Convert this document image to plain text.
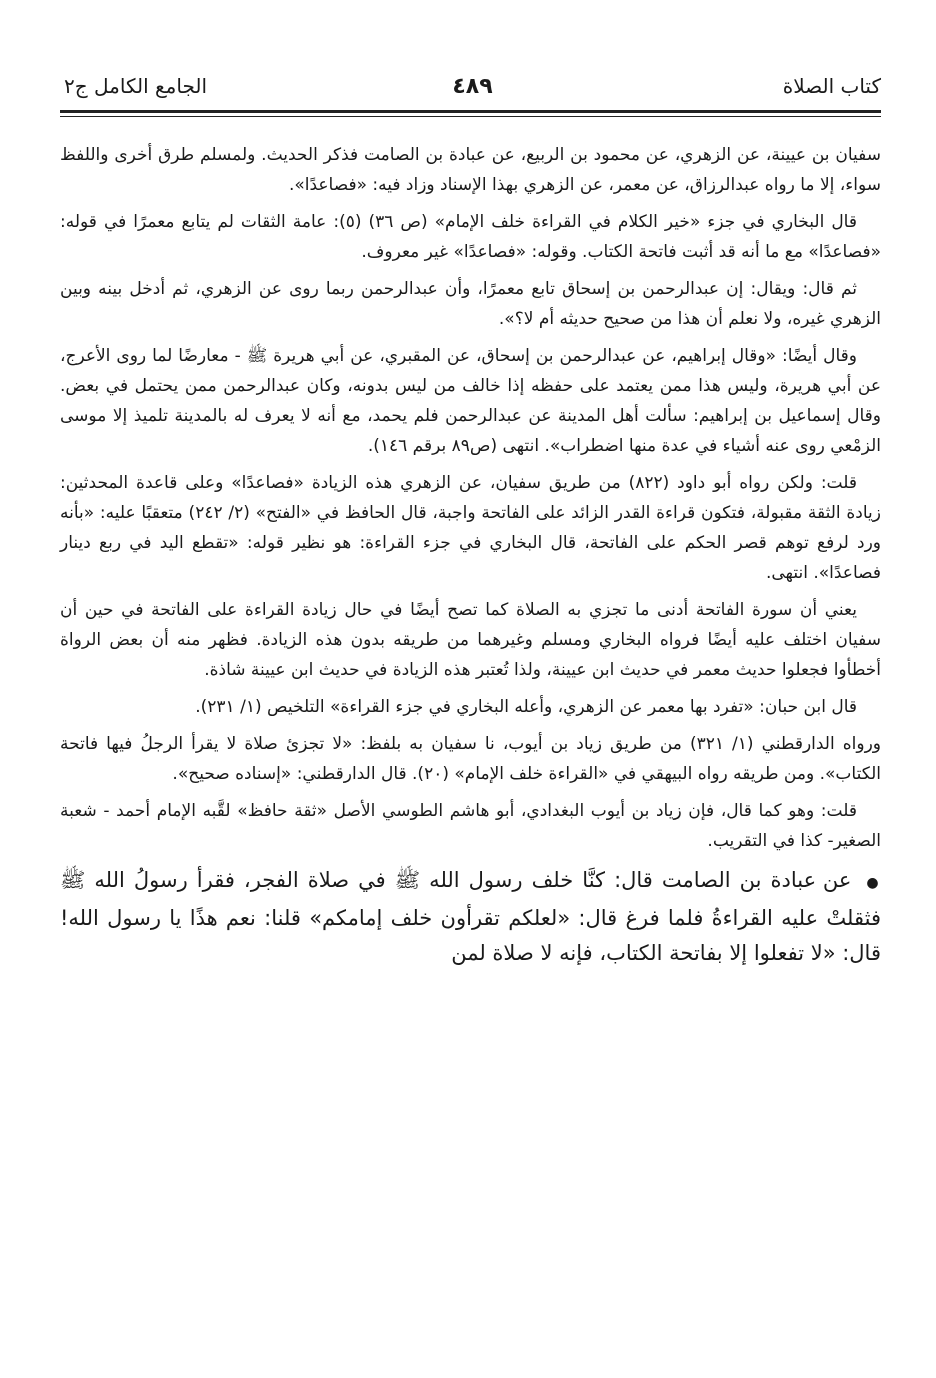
كتاب الصلاة
٤٨٩
الجامع الكامل ج٢

سفيان بن عيينة، عن الزهري، عن محمود بن الربيع، عن عبادة بن الصامت فذكر الحديث. ولمسلم طرق أخرى واللفظ سواء، إلا ما رواه عبدالرزاق، عن معمر، عن الزهري بهذا الإسناد وزاد فيه: «فصاعدًا».

قال البخاري في جزء «خير الكلام في القراءة خلف الإمام» (ص ٣٦) (٥): عامة الثقات لم يتابع معمرًا في قوله: «فصاعدًا» مع ما أنه قد أثبت فاتحة الكتاب. وقوله: «فصاعدًا» غير معروف.

ثم قال: ويقال: إن عبدالرحمن بن إسحاق تابع معمرًا، وأن عبدالرحمن ربما روى عن الزهري، ثم أدخل بينه وبين الزهري غيره، ولا نعلم أن هذا من صحيح حديثه أم لا؟».

وقال أيضًا: «وقال إبراهيم، عن عبدالرحمن بن إسحاق، عن المقبري، عن أبي هريرة ﷺ - معارضًا لما روى الأعرج، عن أبي هريرة، وليس هذا ممن يعتمد على حفظه إذا خالف من ليس بدونه، وكان عبدالرحمن ممن يحتمل في بعض. وقال إسماعيل بن إبراهيم: سألت أهل المدينة عن عبدالرحمن فلم يحمد، مع أنه لا يعرف له بالمدينة تلميذ إلا موسى الزمْعي روى عنه أشياء في عدة منها اضطراب». انتهى (ص٨٩ برقم ١٤٦).

قلت: ولكن رواه أبو داود (٨٢٢) من طريق سفيان، عن الزهري هذه الزيادة «فصاعدًا» وعلى قاعدة المحدثين: زيادة الثقة مقبولة، فتكون قراءة القدر الزائد على الفاتحة واجبة، قال الحافظ في «الفتح» (٢/ ٢٤٢) متعقبًا عليه: «بأنه ورد لرفع توهم قصر الحكم على الفاتحة، قال البخاري في جزء القراءة: هو نظير قوله: «تقطع اليد في ربع دينار فصاعدًا». انتهى.

يعني أن سورة الفاتحة أدنى ما تجزي به الصلاة كما تصح أيضًا في حال زيادة القراءة على الفاتحة في حين أن سفيان اختلف عليه أيضًا فرواه البخاري ومسلم وغيرهما من طريقه بدون هذه الزيادة. فظهر منه أن بعض الرواة أخطأوا فجعلوا حديث معمر في حديث ابن عيينة، ولذا تُعتبر هذه الزيادة في حديث ابن عيينة شاذة.

قال ابن حبان: «تفرد بها معمر عن الزهري، وأعله البخاري في جزء القراءة» التلخيص (١/ ٢٣١).

ورواه الدارقطني (١/ ٣٢١) من طريق زياد بن أيوب، نا سفيان به بلفظ: «لا تجزئ صلاة لا يقرأ الرجلُ فيها فاتحة الكتاب». ومن طريقه رواه البيهقي في «القراءة خلف الإمام» (٢٠). قال الدارقطني: «إسناده صحيح».

قلت: وهو كما قال، فإن زياد بن أيوب البغدادي، أبو هاشم الطوسي الأصل «ثقة حافظ» لقَّبه الإمام أحمد - شعبة الصغير- كذا في التقريب.

● عن عبادة بن الصامت قال: كنَّا خلف رسول الله ﷺ في صلاة الفجر، فقرأ رسولُ الله ﷺ فثقلتْ عليه القراءةُ فلما فرغ قال: «لعلكم تقرأون خلف إمامكم» قلنا: نعم هذًا يا رسول الله! قال: «لا تفعلوا إلا بفاتحة الكتاب، فإنه لا صلاة لمن
